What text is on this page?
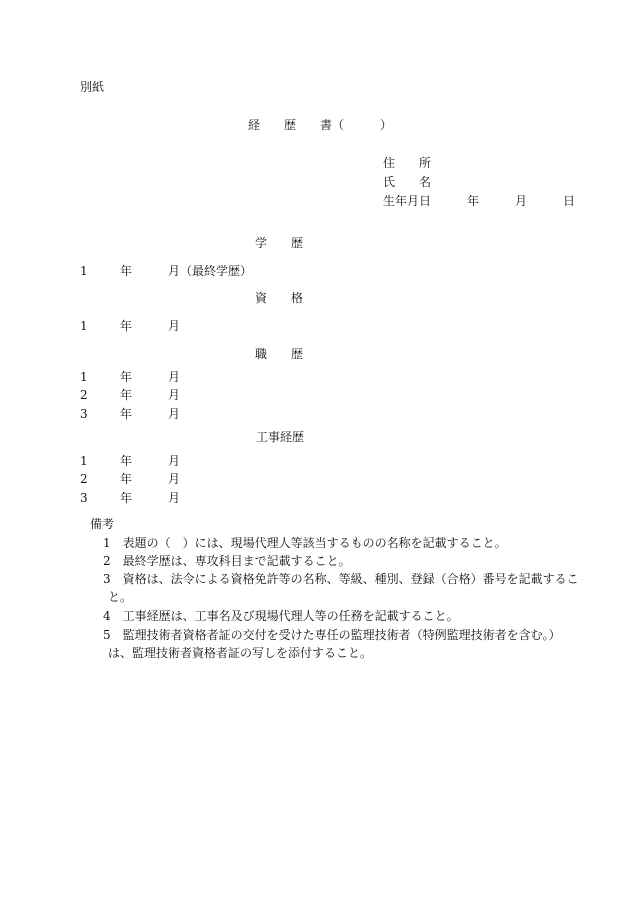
別紙
経　　歴　　書（　　　）
住　　所
氏　　名
生年月日　　　年　　　月　　　日
学　　歴
1	年	月（最終学歴）
資　　格
1	年	月
職　　歴
1	年	月
2	年	月
3	年	月
工事経歴
1	年	月
2	年	月
3	年	月
備考
1　表題の（　）には、現場代理人等該当するものの名称を記載すること。
2　最終学歴は、専攻科目まで記載すること。
3　資格は、法令による資格免許等の名称、等級、種別、登録（合格）番号を記載するこ
と。
4　工事経歴は、工事名及び現場代理人等の任務を記載すること。
5　監理技術者資格者証の交付を受けた専任の監理技術者（特例監理技術者を含む。）
は、監理技術者資格者証の写しを添付すること。
